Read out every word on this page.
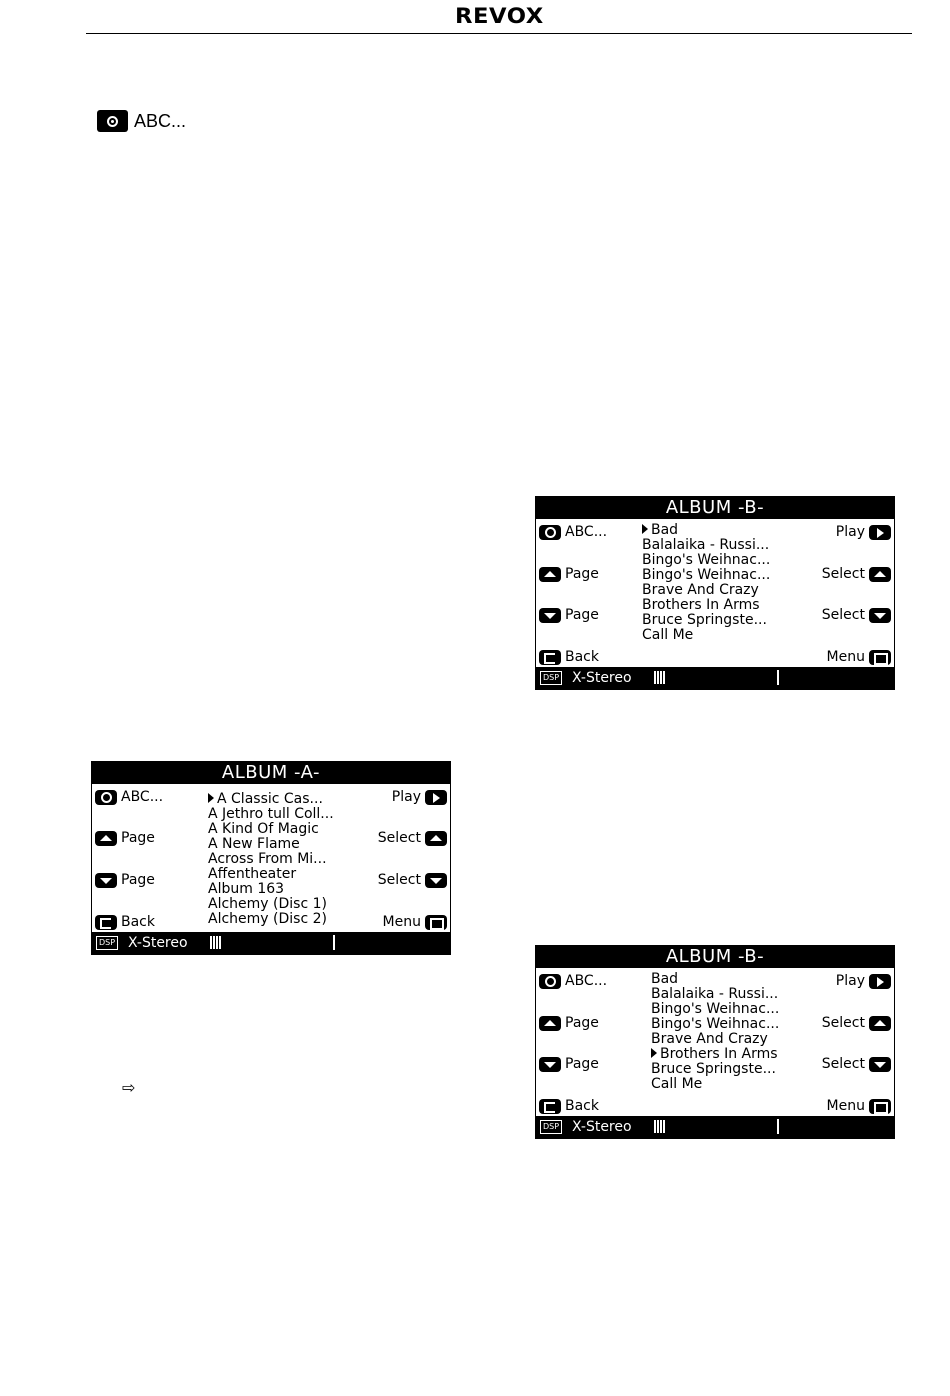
REVOX
ABC...
⇨
ALBUM -A-
ABC...
Page
Page
Back
Play
Select
Select
Menu
A Classic Cas...
A Jethro tull Coll...
A Kind Of Magic
A New Flame
Across From Mi...
Affentheater
Album 163
Alchemy (Disc 1)
Alchemy (Disc 2)
DSP X-Stereo
ALBUM -B-
ABC...
Page
Page
Back
Play
Select
Select
Menu
Bad
Balalaika - Russi...
Bingo's Weihnac...
Bingo's Weihnac...
Brave And Crazy
Brothers In Arms
Bruce Springste...
Call Me
DSP X-Stereo
ALBUM -B-
ABC...
Page
Page
Back
Play
Select
Select
Menu
Bad
Balalaika - Russi...
Bingo's Weihnac...
Bingo's Weihnac...
Brave And Crazy
Brothers In Arms
Bruce Springste...
Call Me
DSP X-Stereo
